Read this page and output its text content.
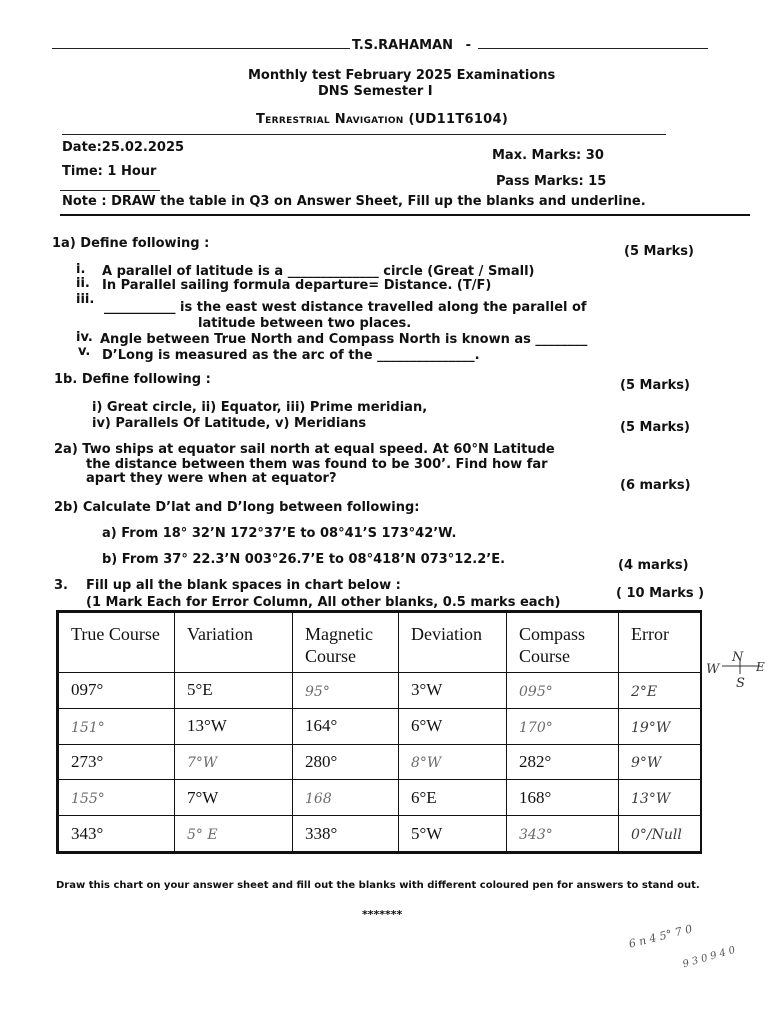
T.S.RAHAMAN -
Monthly test February 2025 Examinations
DNS Semester I
Terrestrial Navigation (UD11T6104)
Date:25.02.2025
Max. Marks: 30
Time: 1 Hour
Pass Marks: 15
Note : DRAW the table in Q3 on Answer Sheet, Fill up the blanks and underline.
1a) Define following :
(5 Marks)
i. A parallel of latitude is a ______________ circle (Great / Small)
ii. In Parallel sailing formula departure= Distance. (T/F)
iii.
___________ is the east west distance travelled along the parallel of
latitude between two places.
iv. Angle between True North and Compass North is known as ________
v. D’Long is measured as the arc of the _______________.
1b. Define following :	(5 Marks)
i) Great circle, ii) Equator, iii) Prime meridian,
iv) Parallels Of Latitude, v) Meridians	(5 Marks)
2a) Two ships at equator sail north at equal speed. At 60°N Latitude
the distance between them was found to be 300’. Find how far
apart they were when at equator?	(6 marks)
2b) Calculate D’lat and D’long between following:
a) From 18° 32’N 172°37’E to 08°41’S 173°42’W.
b) From 37° 22.3’N 003°26.7’E to 08°418’N 073°12.2’E.	(4 marks)
3. Fill up all the blank spaces in chart below :
(1 Mark Each for Error Column, All other blanks, 0.5 marks each)
( 10 Marks )
True Course	Variation	Magnetic Course	Deviation	Compass Course	Error
097°	5°E	95°	3°W	095°	2°E
151°	13°W	164°	6°W	170°	19°W
273°	7°W	280°	8°W	282°	9°W
155°	7°W	168	6°E	168°	13°W
343°	5° E	338°	5°W	343°	0°/Null
N
E
W
S
Draw this chart on your answer sheet and fill out the blanks with different coloured pen for answers to stand out.
*******
6 n 4 5° 7 0
9 3 0 9 4 0
